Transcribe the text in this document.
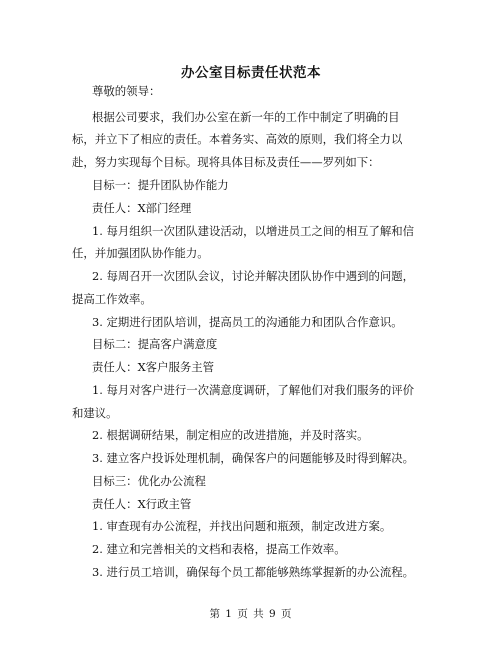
办公室目标责任状范本
尊敬的领导：
根据公司要求，我们办公室在新一年的工作中制定了明确的目
标，并立下了相应的责任。本着务实、高效的原则，我们将全力以
赴，努力实现每个目标。现将具体目标及责任——罗列如下：
目标一：提升团队协作能力
责任人：X部门经理
1. 每月组织一次团队建设活动，以增进员工之间的相互了解和信
任，并加强团队协作能力。
2. 每周召开一次团队会议，讨论并解决团队协作中遇到的问题，
提高工作效率。
3. 定期进行团队培训，提高员工的沟通能力和团队合作意识。
目标二：提高客户满意度
责任人：X客户服务主管
1. 每月对客户进行一次满意度调研，了解他们对我们服务的评价
和建议。
2. 根据调研结果，制定相应的改进措施，并及时落实。
3. 建立客户投诉处理机制，确保客户的问题能够及时得到解决。
目标三：优化办公流程
责任人：X行政主管
1. 审查现有办公流程，并找出问题和瓶颈，制定改进方案。
2. 建立和完善相关的文档和表格，提高工作效率。
3. 进行员工培训，确保每个员工都能够熟练掌握新的办公流程。
第 1 页 共 9 页
